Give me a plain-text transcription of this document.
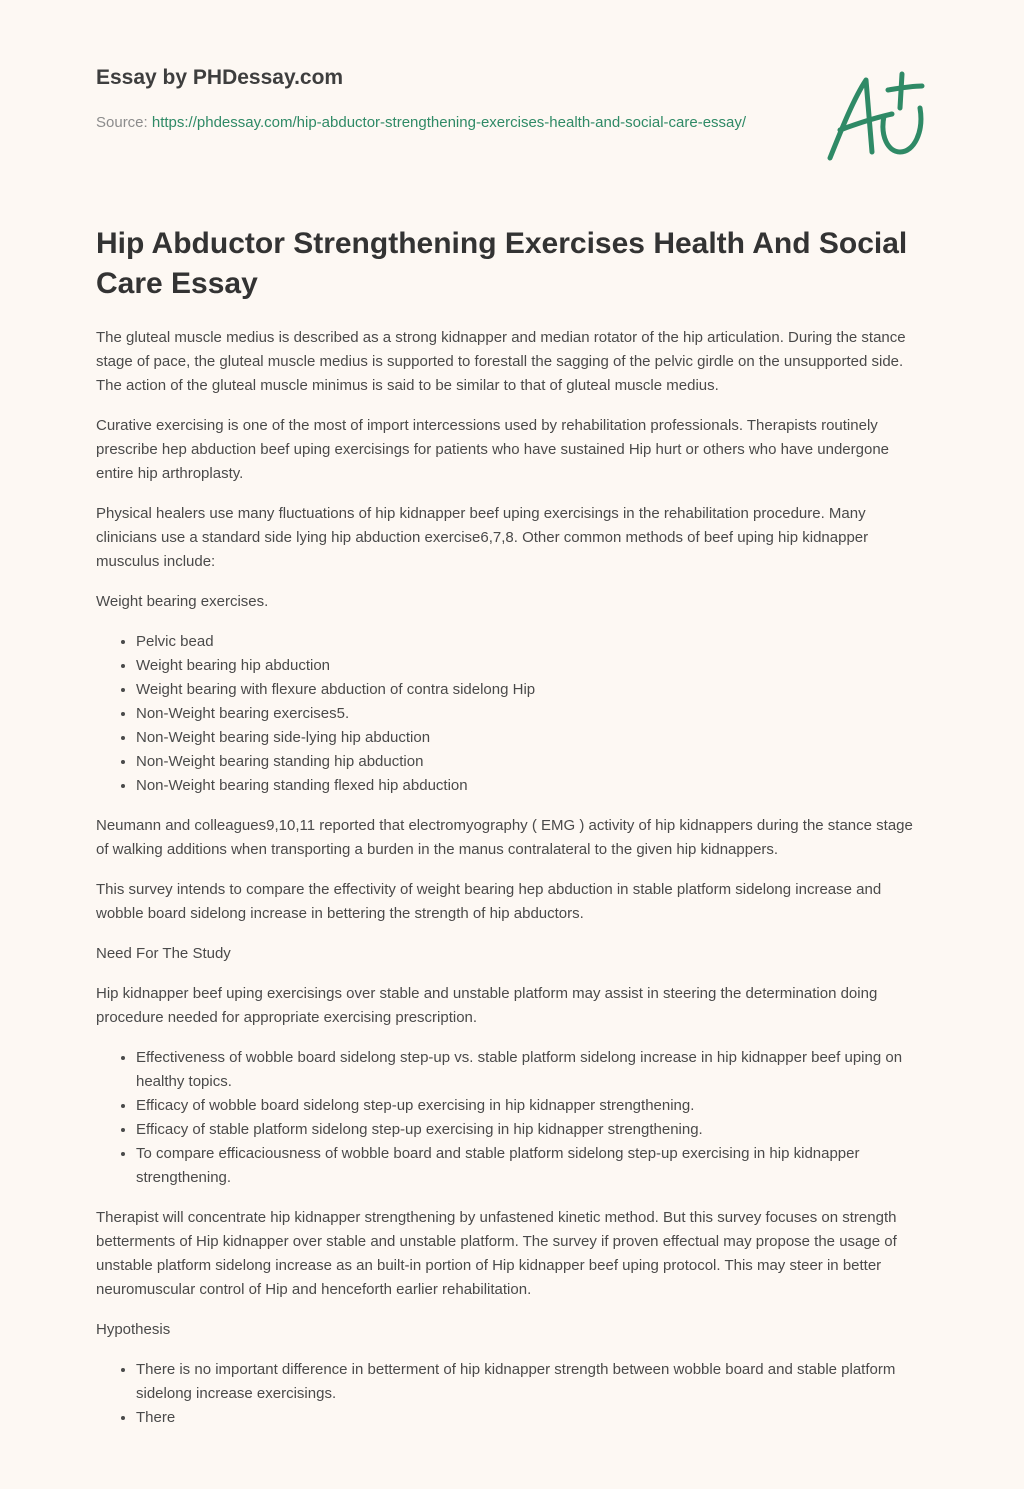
Essay by PHDessay.com
Source: https://phdessay.com/hip-abductor-strengthening-exercises-health-and-social-care-essay/
Hip Abductor Strengthening Exercises Health And Social Care Essay

The gluteal muscle medius is described as a strong kidnapper and median rotator of the hip articulation. During the stance stage of pace, the gluteal muscle medius is supported to forestall the sagging of the pelvic girdle on the unsupported side. The action of the gluteal muscle minimus is said to be similar to that of gluteal muscle medius.

Curative exercising is one of the most of import intercessions used by rehabilitation professionals. Therapists routinely prescribe hep abduction beef uping exercisings for patients who have sustained Hip hurt or others who have undergone entire hip arthroplasty.

Physical healers use many fluctuations of hip kidnapper beef uping exercisings in the rehabilitation procedure. Many clinicians use a standard side lying hip abduction exercise6,7,8. Other common methods of beef uping hip kidnapper musculus include:

Weight bearing exercises.

• Pelvic bead
• Weight bearing hip abduction
• Weight bearing with flexure abduction of contra sidelong Hip
• Non-Weight bearing exercises5.
• Non-Weight bearing side-lying hip abduction
• Non-Weight bearing standing hip abduction
• Non-Weight bearing standing flexed hip abduction

Neumann and colleagues9,10,11 reported that electromyography ( EMG ) activity of hip kidnappers during the stance stage of walking additions when transporting a burden in the manus contralateral to the given hip kidnappers.

This survey intends to compare the effectivity of weight bearing hep abduction in stable platform sidelong increase and wobble board sidelong increase in bettering the strength of hip abductors.

Need For The Study

Hip kidnapper beef uping exercisings over stable and unstable platform may assist in steering the determination doing procedure needed for appropriate exercising prescription.

• Effectiveness of wobble board sidelong step-up vs. stable platform sidelong increase in hip kidnapper beef uping on healthy topics.
• Efficacy of wobble board sidelong step-up exercising in hip kidnapper strengthening.
• Efficacy of stable platform sidelong step-up exercising in hip kidnapper strengthening.
• To compare efficaciousness of wobble board and stable platform sidelong step-up exercising in hip kidnapper strengthening.

Therapist will concentrate hip kidnapper strengthening by unfastened kinetic method. But this survey focuses on strength betterments of Hip kidnapper over stable and unstable platform. The survey if proven effectual may propose the usage of unstable platform sidelong increase as an built-in portion of Hip kidnapper beef uping protocol. This may steer in better neuromuscular control of Hip and henceforth earlier rehabilitation.

Hypothesis

• There is no important difference in betterment of hip kidnapper strength between wobble board and stable platform sidelong increase exercisings.
• There
